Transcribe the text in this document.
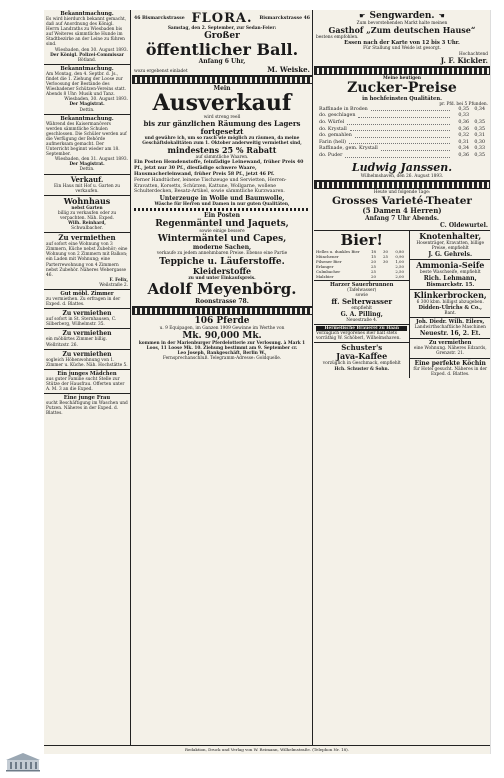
Bekanntmachung.

Es wird hierdurch bekannt gemacht, daß auf Anordnung des Königl. Herrn Landraths zu Wiesbaden bis auf Weiteres sämmtliche Hunde im Stadtbezirke an der Leine zu führen sind.

Wiesbaden, den 30. August 1893.

Der Königl. Polizei-Commissar

Bötland.

Bekanntmachung.

Am Montag, den 4. Septbr. d. Js., findet die 1. Ziehung der Loose zur Verloosung der Bestände des Wiesbadener Schützen-Vereins statt. Abends 8 Uhr: Musik und Tanz.

Wiesbaden, 30. August 1893.

Der Magistrat.

Dettin.

Bekanntmachung.

Während des Kaisermanövers werden sämmtliche Schulen geschlossen. Die Schüler werden auf die Verfügung der Behörde aufmerksam gemacht. Der Unterricht beginnt wieder am 18. September.

Wiesbaden, den 31. August 1893.

Der Magistrat.

Dettin.

Verkauf.

Ein Haus mit Hof u. Garten zu verkaufen.

Wohnhaus

nebst Garten

billig zu verkaufen oder zu verpachten. Näh. Exped.

Wilh. Reinhard,

Schwalbacher.

Zu vermiethen

auf sofort eine Wohnung von 3 Zimmern, Küche nebst Zubehör; eine Wohnung von 2 Zimmern mit Balkon; ein Laden mit Wohnung; eine Parterrewohnung von 4 Zimmern nebst Zubehör. Näheres Webergasse 46.

F. Felix,

Weilstraße 2.

Gut möbl. Zimmer

zu vermiethen. Zu erfragen in der Exped. d. Blattes.

Zu vermiethen

auf sofort in St. Sternhausen, C. Silberberg, Wilhelmstr. 35.

Zu vermiethen

ein möblirtes Zimmer billig. Wellritzstr. 26.

Zu vermiethen

sogleich Höhenwohnung von 1. Zimmer u. Küche. Näh. Hochstätte 5.

Ein junges Mädchen

aus guter Familie sucht Stelle zur Stütze der Hausfrau. Offerten unter A. M. 3 an die Exped.

Eine junge Frau

sucht Beschäftigung im Waschen und Putzen. Näheres in der Exped. d. Blattes.

46 Bismarckstrasse FLORA. Bismarckstrasse 46

Samstag, den 2. September, zur Sedan-Feier:

Großer

öffentlicher Ball.

Anfang 6 Uhr,

wozu ergebenst einladet	M. Weiske.

Mein

Ausverkauf

wird streng reell

bis zur gänzlichen Räumung des Lagers

fortgesetzt

und gewähre ich, um so rasch wie möglich zu räumen, da meine Geschäftslokalitäten zum 1. Oktober anderweitig vermiethet sind,

mindestens 25 % Rabatt

auf sämmtliche Waaren.

Ein Posten Hemdenstoffe, feinfädige Leinewand, früher Preis 40 Pf., jetzt nur 30 Pf., diesfädige schwere Waare, Hausmacherleinwand, früher Preis 58 Pf., jetzt 46 Pf.

Ferner Handtücher, leinene Tischzeuge und Servietten, Herren-Kravatten, Korsetts, Schürzen, Kattune, Wollgarne, wollene Schulterdecken, Besatz-Artikel, sowie sämmtliche Kurzwaaren.

Unterzeuge in Wolle und Baumwolle,

Wäsche für Herren und Damen in nur guten Qualitäten,

Ein Posten

Regenmäntel und Jaquets,

sowie einige bessere

Wintermäntel und Capes,

moderne Sachen,

verkaufe zu jedem annehmbaren Preise. Ebenso eine Partie

Teppiche u. Läuferstoffe.

Kleiderstoffe

zu und unter Einkaufspreis.

Adolf Meyenbörg.

Roonstrasse 78.

106 Pferde

u. 9 Equipagen, im Ganzen 1909 Gewinne im Werthe von

Mk. 90,000 Mk.

kommen in der Marienburger Pferdelotterie zur Verlosung. à Mark 1 Loos, 11 Loose Mk. 10. Ziehung bestimmt am 9. September cr.

Leo Joseph, Bankgeschäft, Berlin W.,

Fernsprechanschluß. Telegramm-Adresse: Goldquelle.

☛ Sengwarden. ☚

Zum bevorstehenden Markt halte meinen

Gasthof „Zum deutschen Hause“

bestens empfohlen.

Essen nach der Karte von 12 bis 3 Uhr.

Für Stallung und Weide ist gesorgt.

Hochachtend

J. F. Kickler.

Meine heutigen

Zucker-Preise

in hochfeinsten Qualitäten.

pr. Pfd. bei 5 Pfunden.

Raffinade in Broden	0,35	0,34
do. geschlagen	0,33
do. Würfel	0,36	0,35
do. Krystall	0,36	0,35
do. gemahlen	0,32	0,31
Farin (hell)	0,31	0,30
Raffinade, gem. Krystall	0,34	0,33
do. Puder	0,36	0,35

Ludwig Janssen.

Wilhelmshaven, den 26. August 1893.

Heute und folgende Tage:

Grosses Varieté-Theater

(5 Damen 4 Herren)

Anfang 7 Uhr Abends.

C. Oldewurtel.

Bier!

Helles u. dunkles Bier	18	30	0,80
Münchener	15	25	0,90
Pilsener Bier	20	30	1,00
Erlanger	25	2,50
Culmbacher	25	2,50
Malzbier	20	2,00

Harzer Sauerbrunnen

(Tafelwasser)

sowie

ff. Selterwasser

empfiehlt

G. A. Pilling,

Neuestraße 4.

Hermelische Brauerei zu Haan

Vorzüglich vergorenes Bier hält stets vorräthig W. Schöberl, Wilhelmshaven.

Schuster's

Java-Kaffee

vorzüglich in Geschmack, empfiehlt

Hch. Schuster & Sohn.

Knotenhalter,

Hosenträger, Kravatten, billige Preise, empfiehlt

J. G. Gehrels.

Ammonia-Seife

beste Waschseife, empfiehlt

Rich. Lehmann,

Bismarckstr. 15.

Klinkerbrocken,

6 300 kbm. billigst abzugeben.

Didden-Ulrichs & Co.,

Bant.

Joh. Diedr. Wilh. Eilers,

Landwirthschaftliche Maschinen

Neuestr. 16, 2. Et.

Zu vermiethen

eine Wohnung. Näheres Edzards, Grenzstr. 21.

Eine perfekte Köchin

für Hotel gesucht. Näheres in der Exped. d. Blattes.

Redaktion, Druck und Verlag von W. Reimann, Wilhelmstraße. (Telephon Nr. 18).
